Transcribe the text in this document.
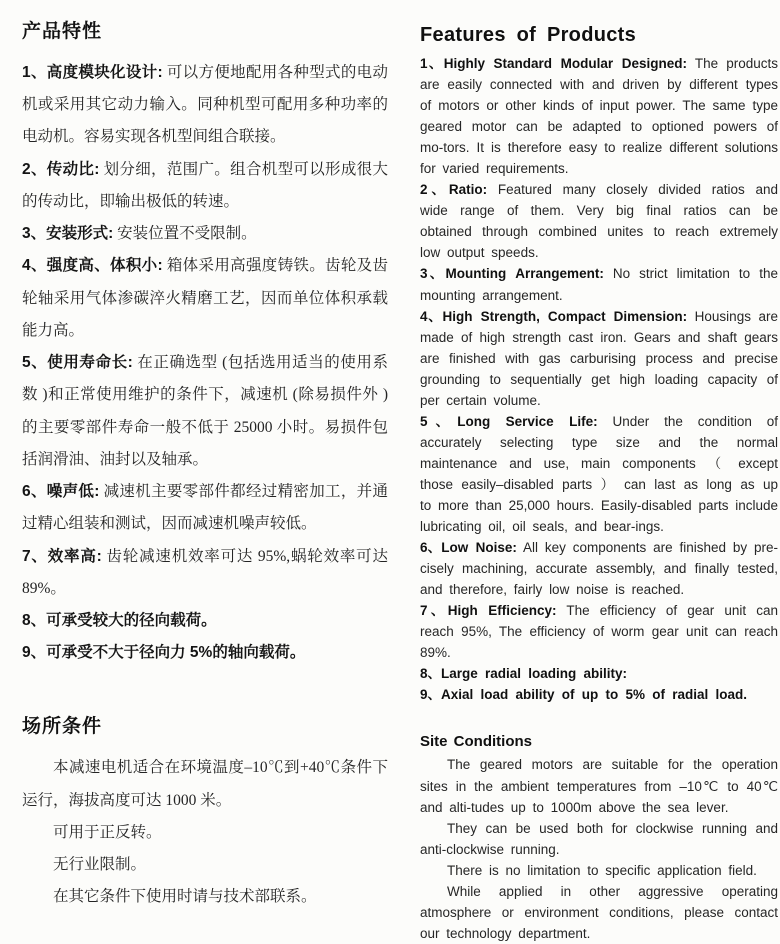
产品特性

1、高度模块化设计: 可以方便地配用各种型式的电动机或采用其它动力输入。同种机型可配用多种功率的电动机。容易实现各机型间组合联接。

2、传动比: 划分细，范围广。组合机型可以形成很大的传动比，即输出极低的转速。

3、安装形式: 安装位置不受限制。

4、强度高、体积小: 箱体采用高强度铸铁。齿轮及齿轮轴采用气体渗碳淬火精磨工艺，因而单位体积承载能力高。

5、使用寿命长: 在正确选型 (包括选用适当的使用系数 )和正常使用维护的条件下，减速机 (除易损件外 )的主要零部件寿命一般不低于 25000 小时。易损件包括润滑油、油封以及轴承。

6、噪声低: 减速机主要零部件都经过精密加工，并通过精心组装和测试，因而减速机噪声较低。

7、效率高: 齿轮减速机效率可达 95%,蜗轮效率可达 89%。

8、可承受较大的径向载荷。

9、可承受不大于径向力 5%的轴向载荷。

场所条件

本减速电机适合在环境温度–10℃到+40℃条件下运行，海拔高度可达 1000 米。

可用于正反转。

无行业限制。

在其它条件下使用时请与技术部联系。

Features of Products

1、Highly Standard Modular Designed: The products are easily connected with and driven by different types of motors or other kinds of input power. The same type geared motor can be adapted to optioned powers of mo-tors. It is therefore easy to realize different solutions for varied requirements.

2、Ratio: Featured many closely divided ratios and wide range of them. Very big final ratios can be obtained through combined unites to reach extremely low output speeds.

3、Mounting Arrangement: No strict limitation to the mounting arrangement.

4、High Strength, Compact Dimension: Housings are made of high strength cast iron. Gears and shaft gears are finished with gas carburising process and precise grounding to sequentially get high loading capacity of per certain volume.

5、Long Service Life: Under the condition of accurately selecting type size and the normal maintenance and use, main components （ except those easily–disabled parts ） can last as long as up to more than 25,000 hours. Easily-disabled parts include lubricating oil, oil seals, and bear-ings.

6、Low Noise: All key components are finished by pre-cisely machining, accurate assembly, and finally tested, and therefore, fairly low noise is reached.

7、High Efficiency: The efficiency of gear unit can reach 95%, The efficiency of worm gear unit can reach 89%.

8、Large radial loading ability:

9、Axial load ability of up to 5% of radial load.

Site Conditions

The geared motors are suitable for the operation sites in the ambient temperatures from –10℃ to 40℃ and alti-tudes up to 1000m above the sea lever.

They can be used both for clockwise running and anti-clockwise running.

There is no limitation to specific application field.

While applied in other aggressive operating atmosphere or environment conditions, please contact our technology department.
